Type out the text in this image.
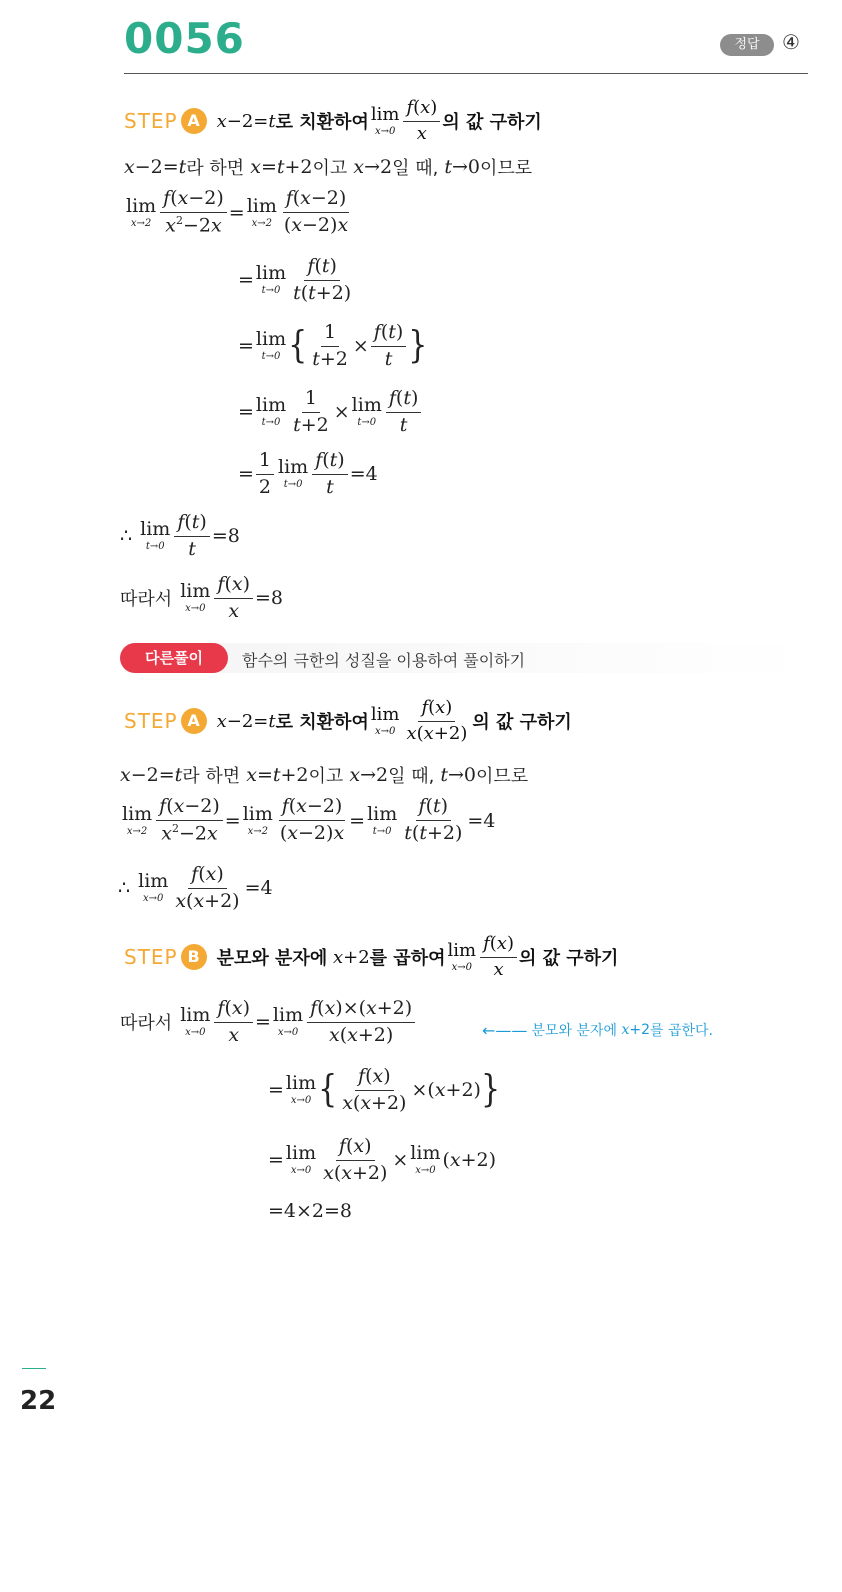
0056	정답	④
STEP A x−2=t 로 치환하여 lim
$x\to 0 \frac{f(x)}{x}$ 의 값 구하기
x −2= t 라 하면
x = t +2 이고
x →2 일 때,
t →0 이므로
lim
$x\to 2 \frac{f(x-2)}{x^2-2x} = \lim$
$x\to 2 \frac{f(x-2)}{(x-2)x}$
= lim
$t\to 0 \frac{f(t)}{t(t+2)}$
= lim
t→0 { $\frac{1}{t+2} \times \frac{f(t)}{t}$ }
= lim
$t\to 0 \frac{1}{t+2} \times \lim$
$t\to 0 \frac{f(t)}{t}$
= $\frac{1}{2}$ lim
$t\to 0 \frac{f(t)}{t} =4$
∴
lim
$t\to 0 \frac{f(t)}{t} =8$
따라서
lim
$x\to 0 \frac{f(x)}{x} =8$
다른풀이	함수의 극한의 성질을 이용하여 풀이하기
STEP A x−2=t 로 치환하여 lim
$x\to 0 \frac{f(x)}{x(x+2)}$ 의 값 구하기
x −2= t 라 하면
x = t +2 이고
x →2 일 때,
t →0 이므로
lim
$x\to 2 \frac{f(x-2)}{x^2-2x} = \lim$
$x\to 2 \frac{f(x-2)}{(x-2)x} = \lim$
$t\to 0 \frac{f(t)}{t(t+2)} =4$
∴
lim
$x\to 0 \frac{f(x)}{x(x+2)} =4$
STEP B 분모와 분자에 x+2 를 곱하여 lim
$x\to 0 \frac{f(x)}{x}$ 의 값 구하기
따라서
lim
$x\to 0 \frac{f(x)}{x} = \lim$
$x\to 0 \frac{f(x)\times(x+2)}{x(x+2)}$	←—— 분모와 분자에
x +2 를 곱한다.
= lim
x→0 { $\frac{f(x)}{x(x+2)}$ ×( x +2) }
= lim
$x\to 0 \frac{f(x)}{x(x+2)} \times \lim$
x→0 ( x +2)
=4×2=8
22
